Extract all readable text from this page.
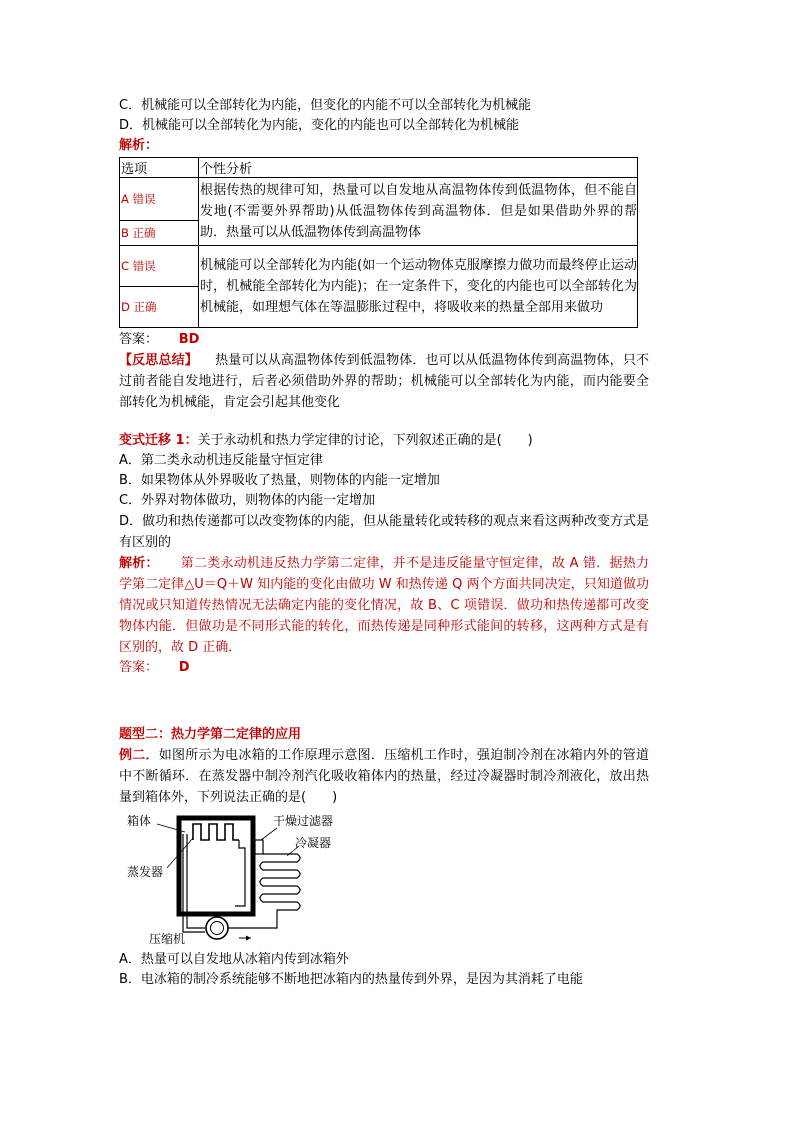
C．机械能可以全部转化为内能，但变化的内能不可以全部转化为机械能
D．机械能可以全部转化为内能，变化的内能也可以全部转化为机械能
解析：
选项	个性分析
A 错误	根据传热的规律可知，热量可以自发地从高温物体传到低温物体，但不能自发地(不需要外界帮助)从低温物体传到高温物体．但是如果借助外界的帮助．热量可以从低温物体传到高温物体
B 正确	
C 错误	机械能可以全部转化为内能(如一个运动物体克服摩擦力做功而最终停止运动时，机械能全部转化为内能)；在一定条件下，变化的内能也可以全部转化为机械能，如理想气体在等温膨胀过程中，将吸收来的热量全部用来做功
D 正确	
答案： BD
【反思总结】 热量可以从高温物体传到低温物体．也可以从低温物体传到高温物体，只不过前者能自发地进行，后者必须借助外界的帮助；机械能可以全部转化为内能，而内能要全部转化为机械能，肯定会引起其他变化
变式迁移 1：关于永动机和热力学定律的讨论，下列叙述正确的是(　　)
A．第二类永动机违反能量守恒定律
B．如果物体从外界吸收了热量，则物体的内能一定增加
C．外界对物体做功，则物体的内能一定增加
D．做功和热传递都可以改变物体的内能，但从能量转化或转移的观点来看这两种改变方式是有区别的
解析： 第二类永动机违反热力学第二定律，并不是违反能量守恒定律，故 A 错．据热力学第二定律△U＝Q＋W 知内能的变化由做功 W 和热传递 Q 两个方面共同决定，只知道做功情况或只知道传热情况无法确定内能的变化情况，故 B、C 项错误．做功和热传递都可改变物体内能．但做功是不同形式能的转化，而热传递是同种形式能间的转移，这两种方式是有区别的，故 D 正确．
答案： D
题型二：热力学第二定律的应用
例二．如图所示为电冰箱的工作原理示意图．压缩机工作时，强迫制冷剂在冰箱内外的管道中不断循环．在蒸发器中制冷剂汽化吸收箱体内的热量，经过冷凝器时制冷剂液化，放出热量到箱体外，下列说法正确的是(　　)
箱体	干燥过滤器
冷凝器
蒸发器
压缩机
A．热量可以自发地从冰箱内传到冰箱外
B．电冰箱的制冷系统能够不断地把冰箱内的热量传到外界，是因为其消耗了电能
